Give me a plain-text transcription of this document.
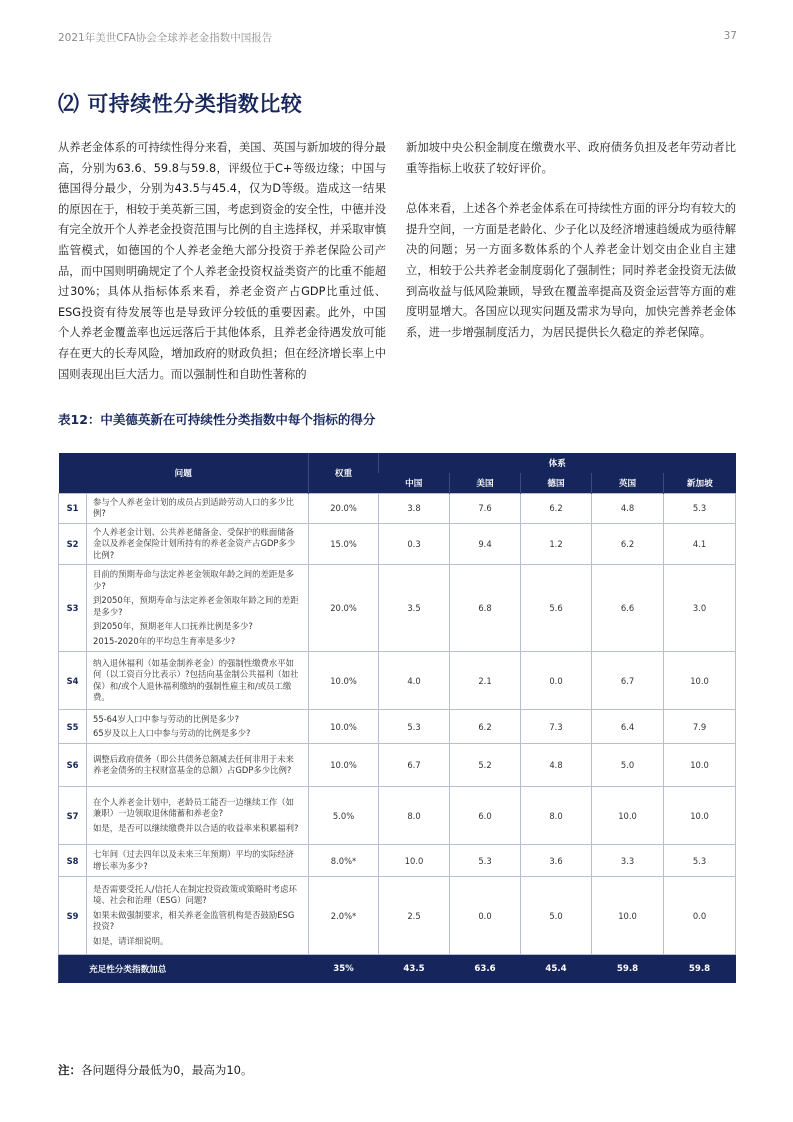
2021年美世CFA协会全球养老金指数中国报告	37
⑵ 可持续性分类指数比较

从养老金体系的可持续性得分来看，美国、英国与新加坡的得分最高，分别为63.6、59.8与59.8，评级位于C+等级边缘；中国与德国得分最少，分别为43.5与45.4，仅为D等级。造成这一结果的原因在于，相较于美英新三国，考虑到资金的安全性，中德并没有完全放开个人养老金投资范围与比例的自主选择权，并采取审慎监管模式，如德国的个人养老金绝大部分投资于养老保险公司产品，而中国则明确规定了个人养老金投资权益类资产的比重不能超过30%；具体从指标体系来看，养老金资产占GDP比重过低、ESG投资有待发展等也是导致评分较低的重要因素。此外，中国个人养老金覆盖率也远远落后于其他体系，且养老金待遇发放可能存在更大的长寿风险，增加政府的财政负担；但在经济增长率上中国则表现出巨大活力。而以强制性和自助性著称的

新加坡中央公积金制度在缴费水平、政府债务负担及老年劳动者比重等指标上收获了较好评价。

总体来看，上述各个养老金体系在可持续性方面的评分均有较大的提升空间，一方面是老龄化、少子化以及经济增速趋缓成为亟待解决的问题；另一方面多数体系的个人养老金计划交由企业自主建立，相较于公共养老金制度弱化了强制性；同时养老金投资无法做到高收益与低风险兼顾，导致在覆盖率提高及资金运营等方面的难度明显增大。各国应以现实问题及需求为导向，加快完善养老金体系，进一步增强制度活力，为居民提供长久稳定的养老保障。

表12：中美德英新在可持续性分类指数中每个指标的得分
问题		权重	体系				
			中国	美国	德国	英国	新加坡
S1	参与个人养老金计划的成员占到适龄劳动人口的多少比例?	20.0%	3.8	7.6	6.2	4.8	5.3
S2	个人养老金计划、公共养老储备金、受保护的账面储备金以及养老金保险计划所持有的养老金资产占GDP多少比例?	15.0%	0.3	9.4	1.2	6.2	4.1
S3	目前的预期寿命与法定养老金领取年龄之间的差距是多少?
到2050年，预期寿命与法定养老金领取年龄之间的差距是多少?
到2050年，预期老年人口抚养比例是多少?
2015-2020年的平均总生育率是多少?	20.0%	3.5	6.8	5.6	6.6	3.0
S4	纳入退休福利（如基金制养老金）的强制性缴费水平如何（以工资百分比表示）?包括向基金制公共福利（如社保）和/或个人退休福利缴纳的强制性雇主和/或员工缴费。	10.0%	4.0	2.1	0.0	6.7	10.0
S5	55-64岁人口中参与劳动的比例是多少?
65岁及以上人口中参与劳动的比例是多少?	10.0%	5.3	6.2	7.3	6.4	7.9
S6	调整后政府债务（即公共债务总额减去任何非用于未来养老金债务的主权财富基金的总额）占GDP多少比例?	10.0%	6.7	5.2	4.8	5.0	10.0
S7	在个人养老金计划中，老龄员工能否一边继续工作（如兼职）一边领取退休储蓄和养老金?
如是，是否可以继续缴费并以合适的收益率来积累福利?	5.0%	8.0	6.0	8.0	10.0	10.0
S8	七年间（过去四年以及未来三年预期）平均的实际经济增长率为多少?	8.0%*	10.0	5.3	3.6	3.3	5.3
S9	是否需要受托人/信托人在制定投资政策或策略时考虑环境、社会和治理（ESG）问题?
如果未做强制要求，相关养老金监管机构是否鼓励ESG投资?
如是，请详细说明。	2.0%*	2.5	0.0	5.0	10.0	0.0
充足性分类指数加总		35%	43.5	63.6	45.4	59.8	59.8
注：各问题得分最低为0，最高为10。
